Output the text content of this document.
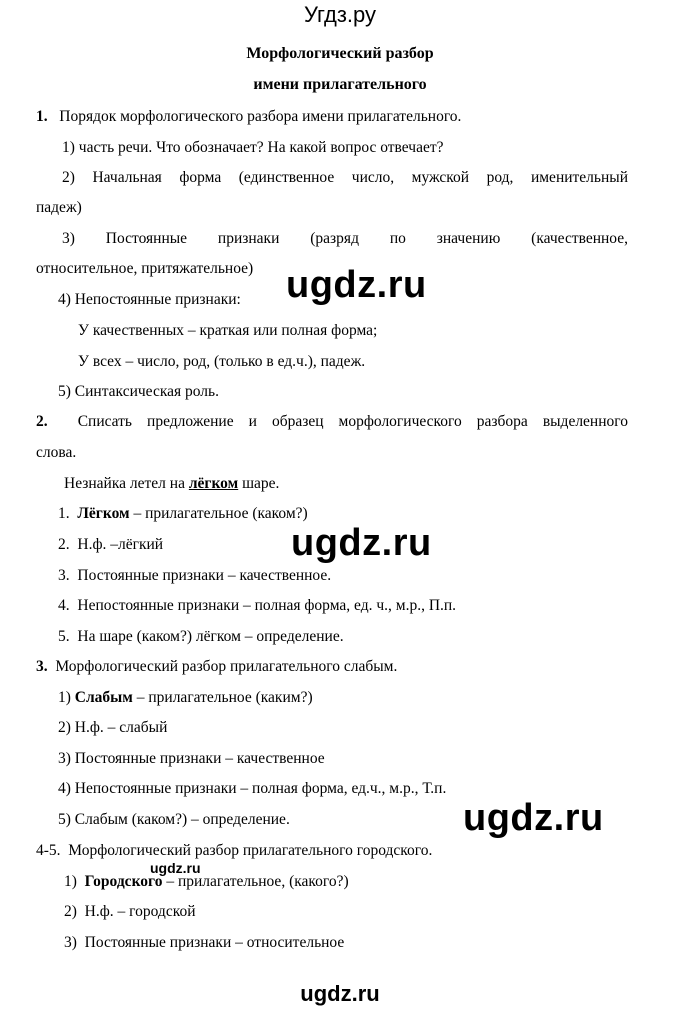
Угдз.ру
Морфологический разбор
имени прилагательного
1. Порядок морфологического разбора имени прилагательного.
1) часть речи. Что обозначает? На какой вопрос отвечает?
2) Начальная форма (единственное число, мужской род, именительный
падеж)
3) Постоянные признаки (разряд по значению (качественное,
относительное, притяжательное)
4) Непостоянные признаки:
У качественных – краткая или полная форма;
У всех – число, род, (только в ед.ч.), падеж.
5) Синтаксическая роль.
2. Списать предложение и образец морфологического разбора выделенного
слова.
Незнайка летел на лёгком шаре.
1. Лёгком – прилагательное (каком?)
2. Н.ф. –лёгкий
3. Постоянные признаки – качественное.
4. Непостоянные признаки – полная форма, ед. ч., м.р., П.п.
5. На шаре (каком?) лёгком – определение.
3. Морфологический разбор прилагательного слабым.
1) Слабым – прилагательное (каким?)
2) Н.ф. – слабый
3) Постоянные признаки – качественное
4) Непостоянные признаки – полная форма, ед.ч., м.р., Т.п.
5) Слабым (каком?) – определение.
4-5. Морфологический разбор прилагательного городского.
1) Городского – прилагательное, (какого?)
2) Н.ф. – городской
3) Постоянные признаки – относительное
ugdz.ru
ugdz.ru
ugdz.ru
ugdz.ru
ugdz.ru
